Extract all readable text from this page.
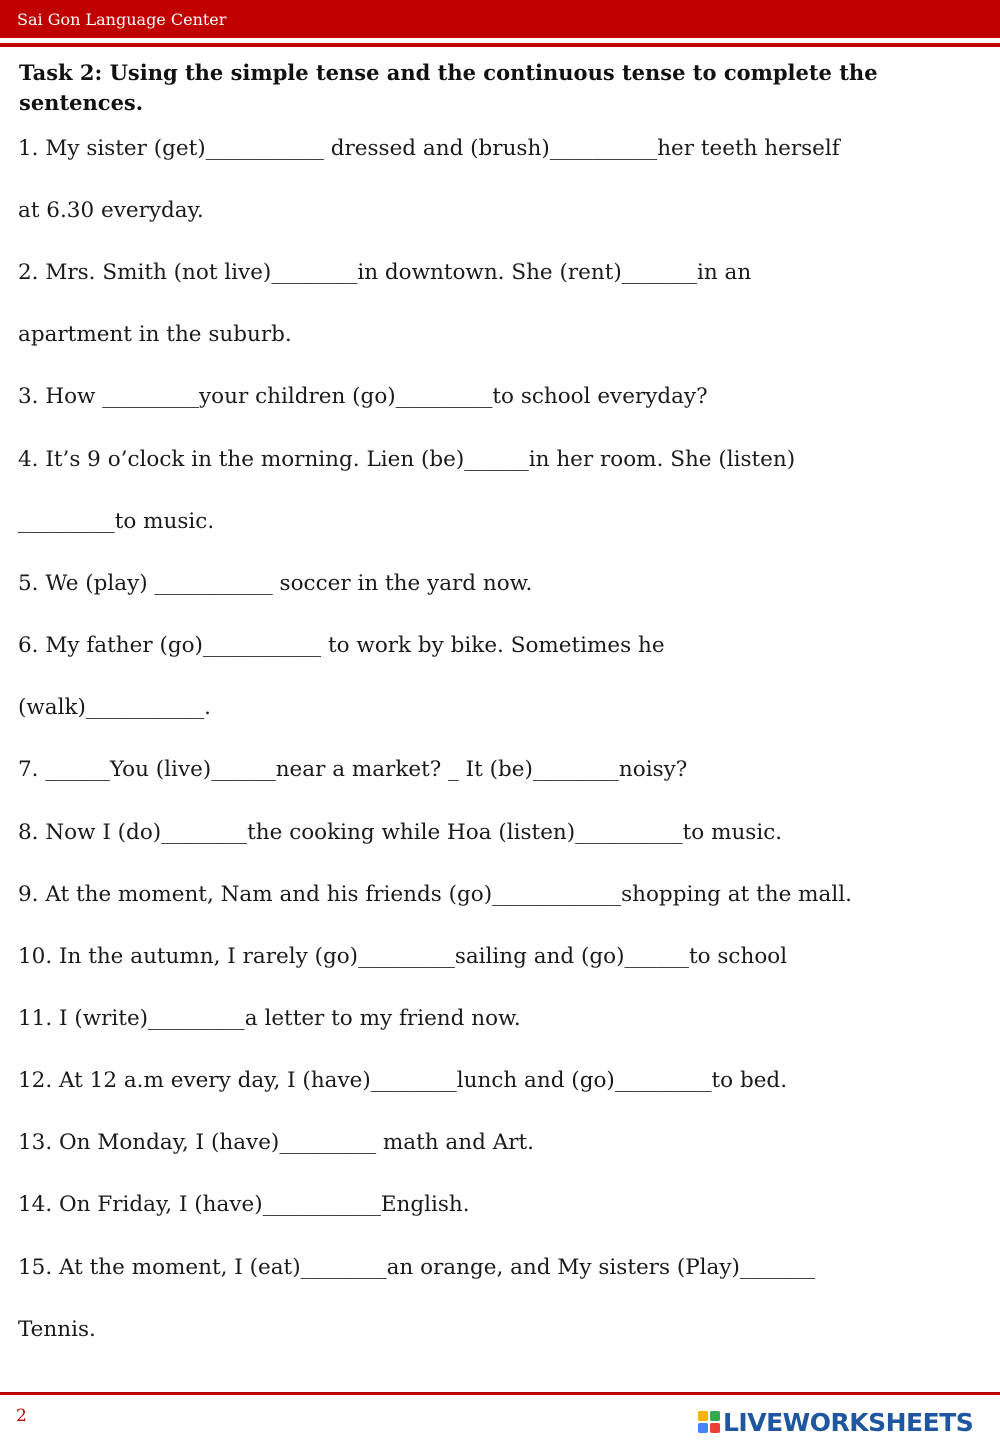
Sai Gon Language Center
Task 2: Using the simple tense and the continuous tense to complete the sentences.
1. My sister (get)___________ dressed and (brush)__________her teeth herself
at 6.30 everyday.
2. Mrs. Smith (not live)________in downtown. She (rent)_______in an
apartment in the suburb.
3. How _________your children (go)_________to school everyday?
4. It’s 9 o’clock in the morning. Lien (be)______in her room. She (listen)
_________to music.
5. We (play) ___________ soccer in the yard now.
6. My father (go)___________ to work by bike. Sometimes he
(walk)___________.
7. ______You (live)______near a market? _ It (be)________noisy?
8. Now I (do)________the cooking while Hoa (listen)__________to music.
9. At the moment, Nam and his friends (go)____________shopping at the mall.
10. In the autumn, I rarely (go)_________sailing and (go)______to school
11. I (write)_________a letter to my friend now.
12. At 12 a.m every day, I (have)________lunch and (go)_________to bed.
13. On Monday, I (have)_________ math and Art.
14. On Friday, I (have)___________English.
15. At the moment, I (eat)________an orange, and My sisters (Play)_______
Tennis.
2	LIVEWORKSHEETS
